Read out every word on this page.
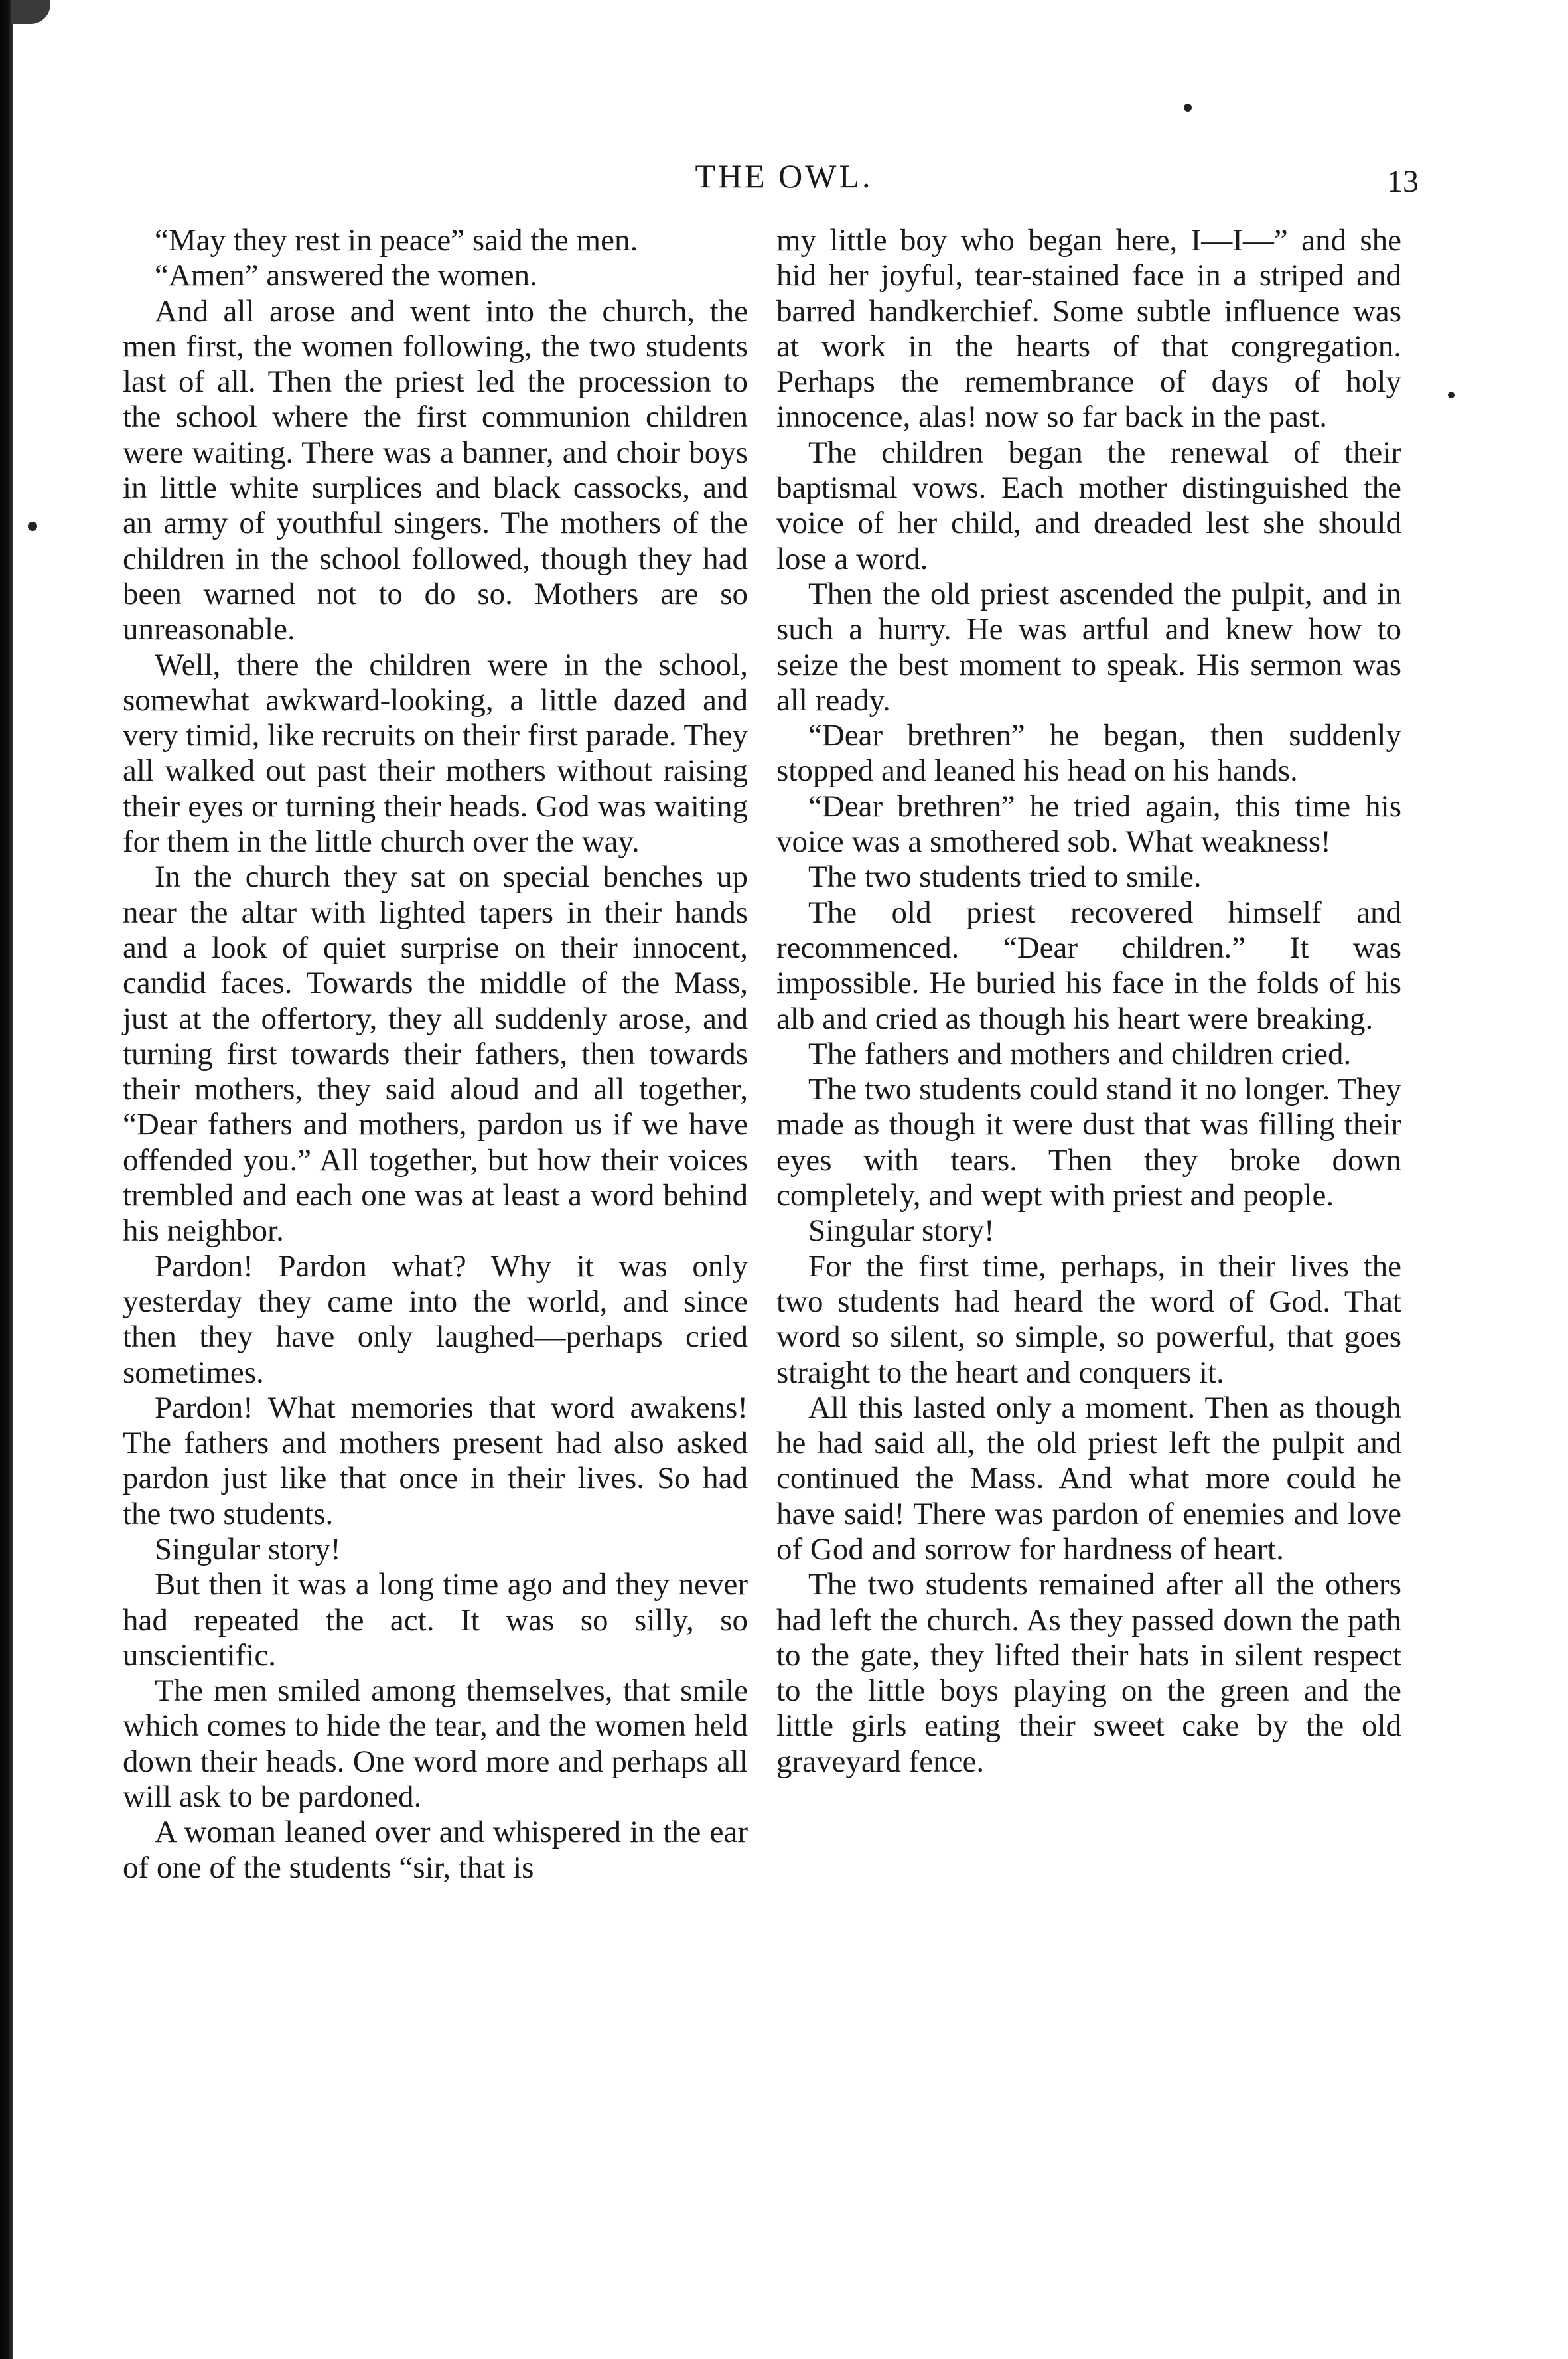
THE OWL.	13

“May they rest in peace” said the men.

“Amen” answered the women.

And all arose and went into the church, the men first, the women following, the two students last of all. Then the priest led the procession to the school where the first communion children were waiting. There was a banner, and choir boys in little white surplices and black cassocks, and an army of youthful singers. The mothers of the children in the school followed, though they had been warned not to do so. Mothers are so unreasonable.

Well, there the children were in the school, somewhat awkward-looking, a little dazed and very timid, like recruits on their first parade. They all walked out past their mothers without raising their eyes or turning their heads. God was waiting for them in the little church over the way.

In the church they sat on special benches up near the altar with lighted tapers in their hands and a look of quiet surprise on their innocent, candid faces. Towards the middle of the Mass, just at the offertory, they all suddenly arose, and turning first towards their fathers, then towards their mothers, they said aloud and all together, “Dear fathers and mothers, pardon us if we have offended you.” All together, but how their voices trembled and each one was at least a word behind his neighbor.

Pardon! Pardon what? Why it was only yesterday they came into the world, and since then they have only laughed—perhaps cried sometimes.

Pardon! What memories that word awakens! The fathers and mothers present had also asked pardon just like that once in their lives. So had the two students.

Singular story!

But then it was a long time ago and they never had repeated the act. It was so silly, so unscientific.

The men smiled among themselves, that smile which comes to hide the tear, and the women held down their heads. One word more and perhaps all will ask to be pardoned.

A woman leaned over and whispered in the ear of one of the students “sir, that is

my little boy who began here, I—I—” and she hid her joyful, tear-stained face in a striped and barred handkerchief. Some subtle influence was at work in the hearts of that congregation. Perhaps the remembrance of days of holy innocence, alas! now so far back in the past.

The children began the renewal of their baptismal vows. Each mother distinguished the voice of her child, and dreaded lest she should lose a word.

Then the old priest ascended the pulpit, and in such a hurry. He was artful and knew how to seize the best moment to speak. His sermon was all ready.

“Dear brethren” he began, then suddenly stopped and leaned his head on his hands.

“Dear brethren” he tried again, this time his voice was a smothered sob. What weakness!

The two students tried to smile.

The old priest recovered himself and recommenced. “Dear children.” It was impossible. He buried his face in the folds of his alb and cried as though his heart were breaking.

The fathers and mothers and children cried.

The two students could stand it no longer. They made as though it were dust that was filling their eyes with tears. Then they broke down completely, and wept with priest and people.

Singular story!

For the first time, perhaps, in their lives the two students had heard the word of God. That word so silent, so simple, so powerful, that goes straight to the heart and conquers it.

All this lasted only a moment. Then as though he had said all, the old priest left the pulpit and continued the Mass. And what more could he have said! There was pardon of enemies and love of God and sorrow for hardness of heart.

The two students remained after all the others had left the church. As they passed down the path to the gate, they lifted their hats in silent respect to the little boys playing on the green and the little girls eating their sweet cake by the old graveyard fence.
